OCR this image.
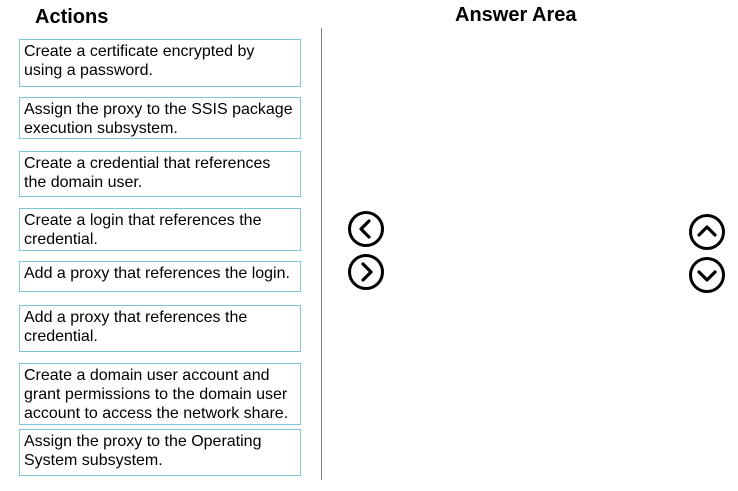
Actions	Answer Area
Create a certificate encrypted by using a password.
Assign the proxy to the SSIS package execution subsystem.
Create a credential that references the domain user.
Create a login that references the credential.
Add a proxy that references the login.
Add a proxy that references the credential.
Create a domain user account and grant permissions to the domain user account to access the network share.
Assign the proxy to the Operating System subsystem.
